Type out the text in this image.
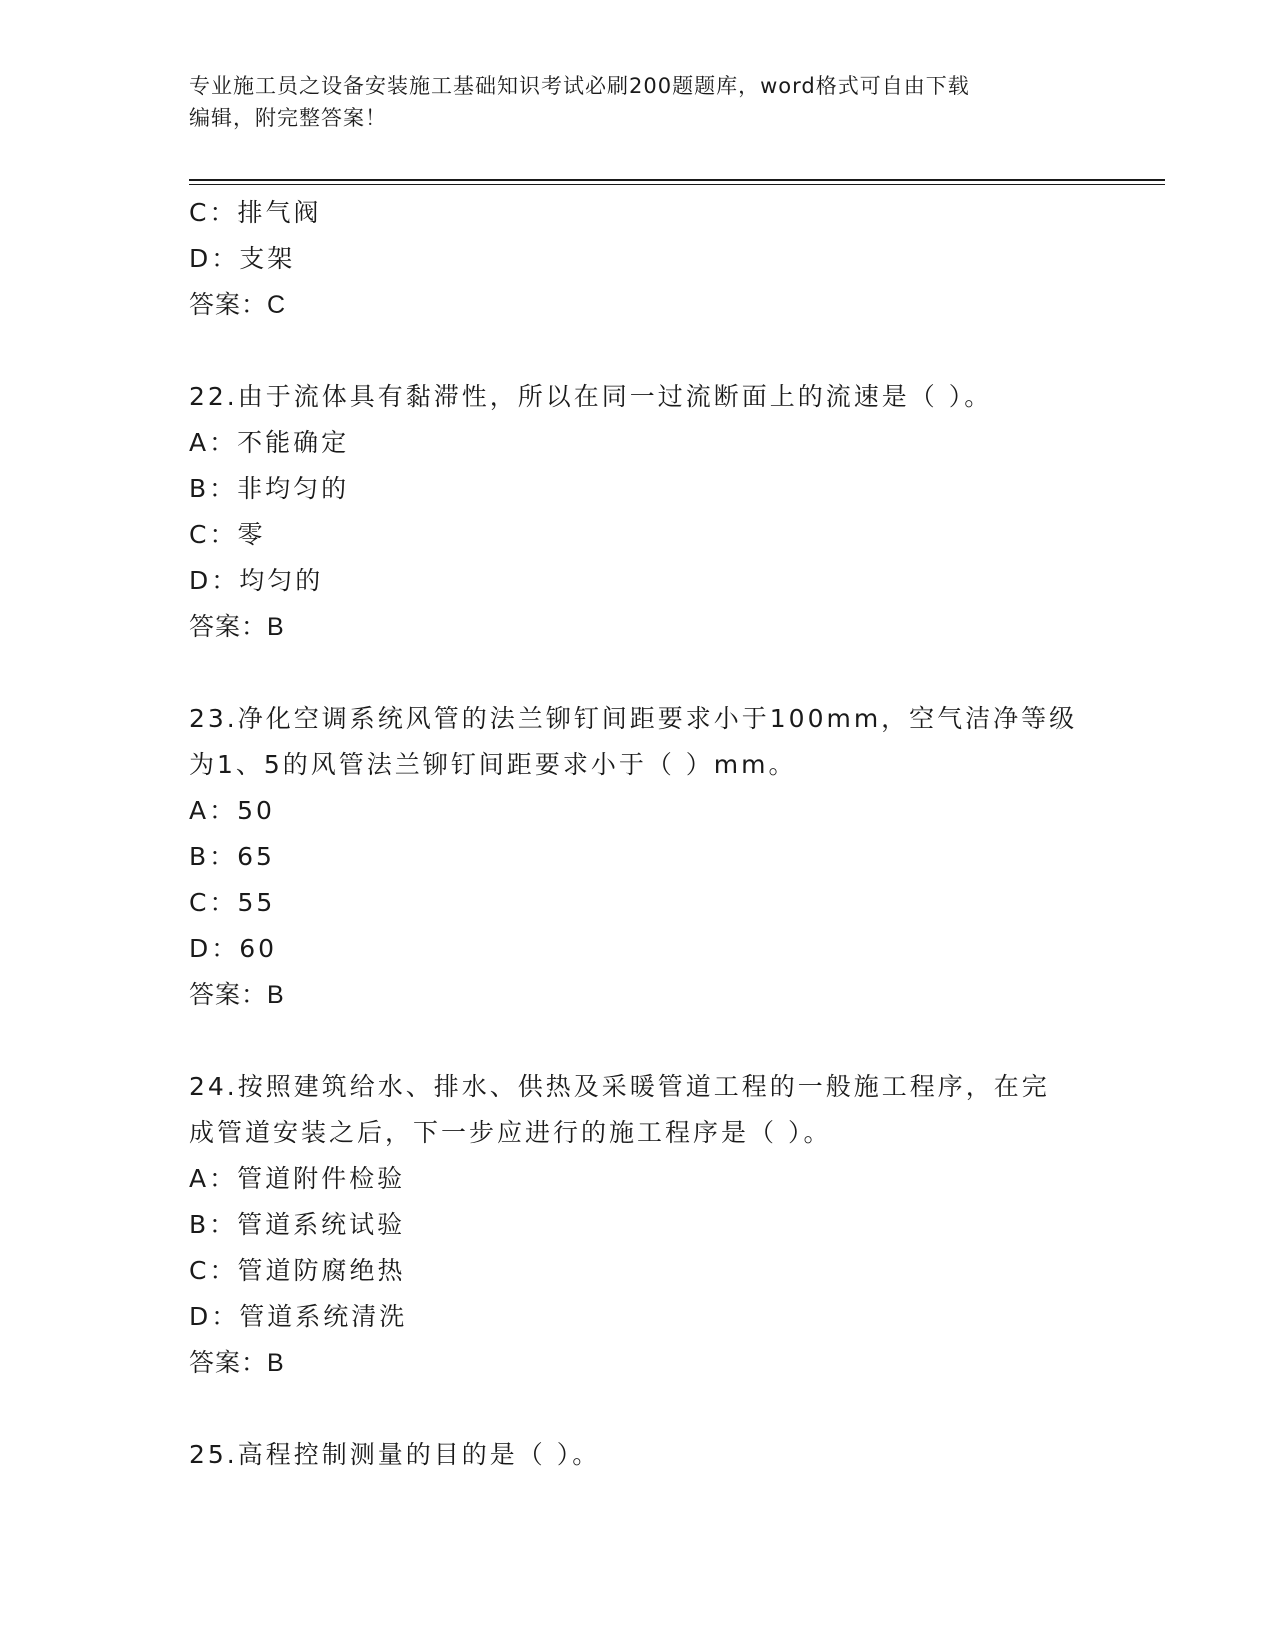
专业施工员之设备安装施工基础知识考试必刷200题题库，word格式可自由下载
编辑，附完整答案！
C：排气阀
D：支架
答案：C
22.由于流体具有黏滞性，所以在同一过流断面上的流速是（ ）。
A：不能确定
B：非均匀的
C：零
D：均匀的
答案：B
23.净化空调系统风管的法兰铆钉间距要求小于100mm，空气洁净等级
为1、5的风管法兰铆钉间距要求小于（ ）mm。
A：50
B：65
C：55
D：60
答案：B
24.按照建筑给水、排水、供热及采暖管道工程的一般施工程序，在完
成管道安装之后，下一步应进行的施工程序是（ ）。
A：管道附件检验
B：管道系统试验
C：管道防腐绝热
D：管道系统清洗
答案：B
25.高程控制测量的目的是（ ）。
